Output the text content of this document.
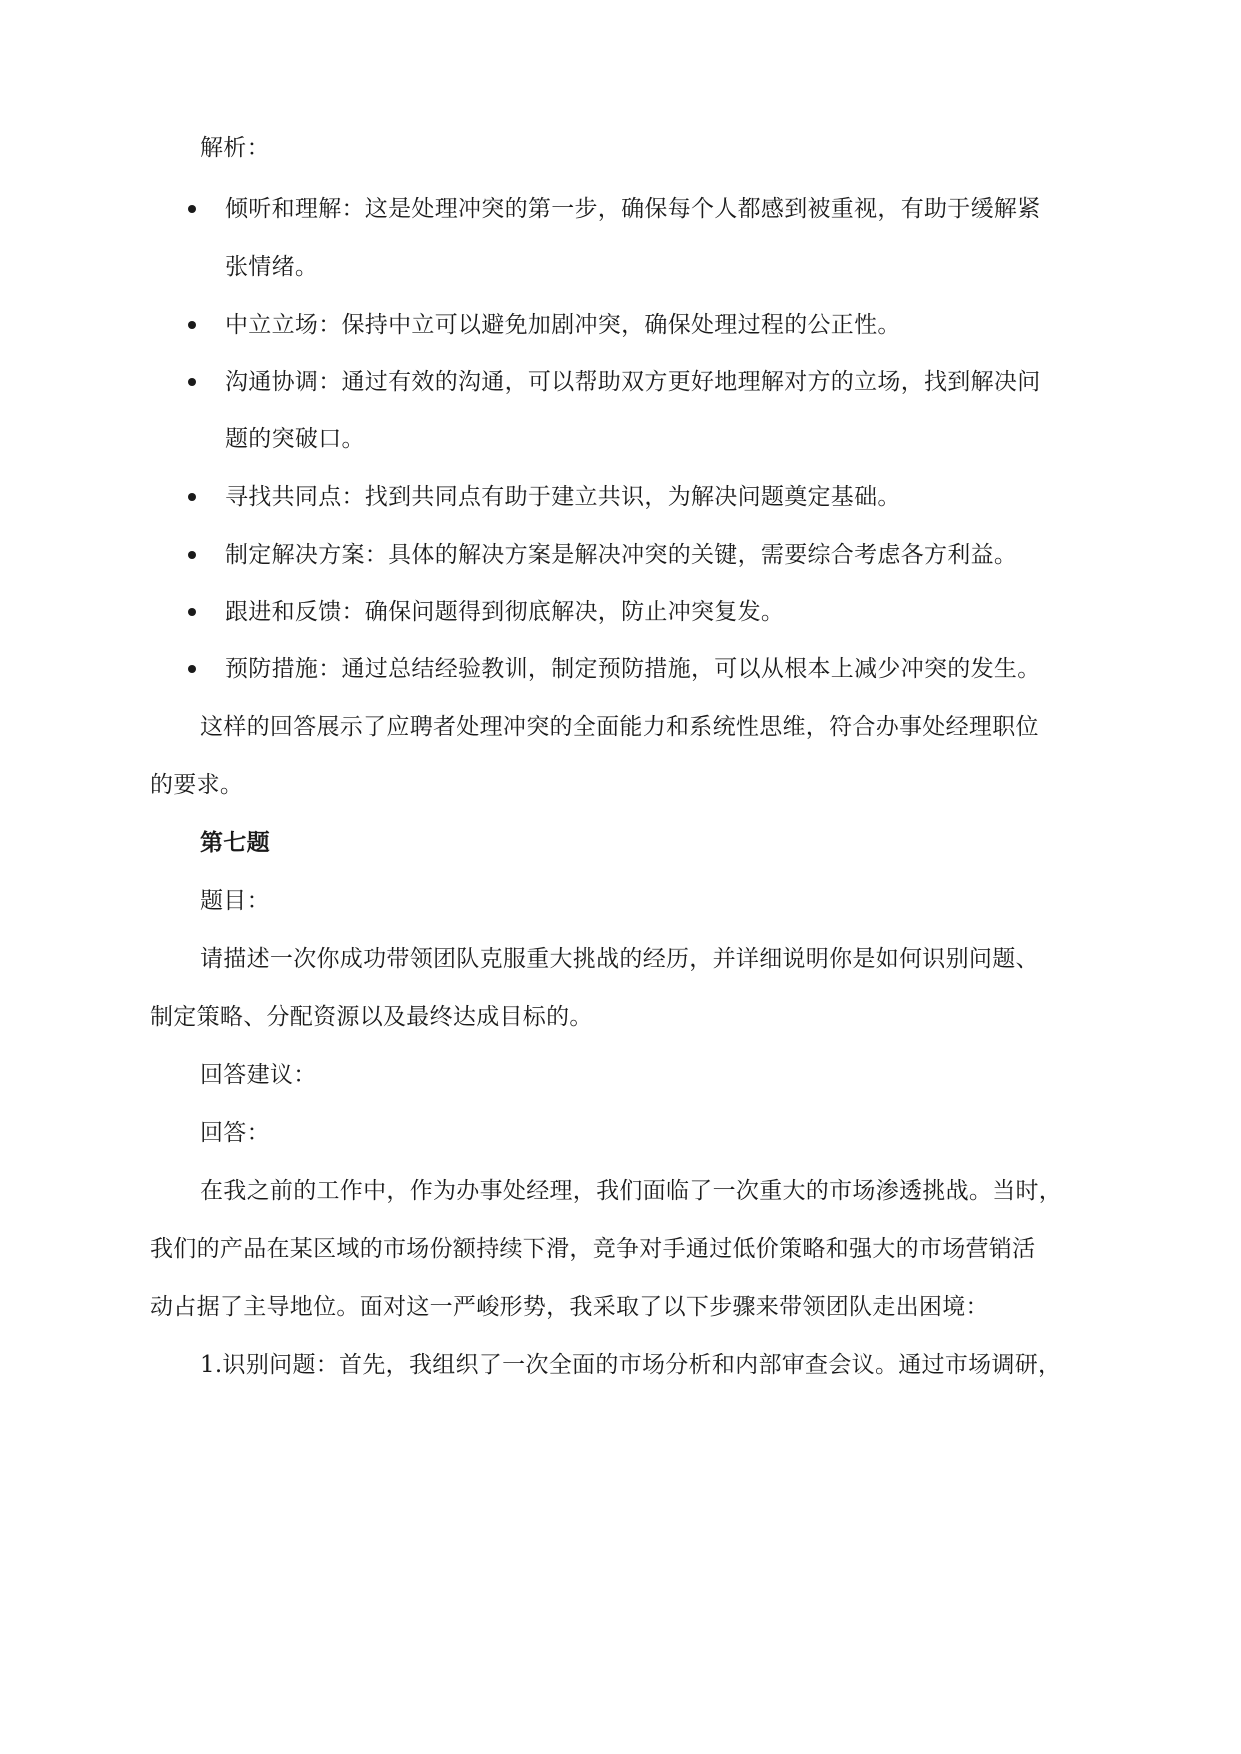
解析：
倾听和理解：这是处理冲突的第一步，确保每个人都感到被重视，有助于缓解紧
张情绪。
中立立场：保持中立可以避免加剧冲突，确保处理过程的公正性。
沟通协调：通过有效的沟通，可以帮助双方更好地理解对方的立场，找到解决问
题的突破口。
寻找共同点：找到共同点有助于建立共识，为解决问题奠定基础。
制定解决方案：具体的解决方案是解决冲突的关键，需要综合考虑各方利益。
跟进和反馈：确保问题得到彻底解决，防止冲突复发。
预防措施：通过总结经验教训，制定预防措施，可以从根本上减少冲突的发生。
这样的回答展示了应聘者处理冲突的全面能力和系统性思维，符合办事处经理职位
的要求。
第七题
题目：
请描述一次你成功带领团队克服重大挑战的经历，并详细说明你是如何识别问题、
制定策略、分配资源以及最终达成目标的。
回答建议：
回答：
在我之前的工作中，作为办事处经理，我们面临了一次重大的市场渗透挑战。当时，
我们的产品在某区域的市场份额持续下滑，竞争对手通过低价策略和强大的市场营销活
动占据了主导地位。面对这一严峻形势，我采取了以下步骤来带领团队走出困境：
1.识别问题：首先，我组织了一次全面的市场分析和内部审查会议。通过市场调研，
